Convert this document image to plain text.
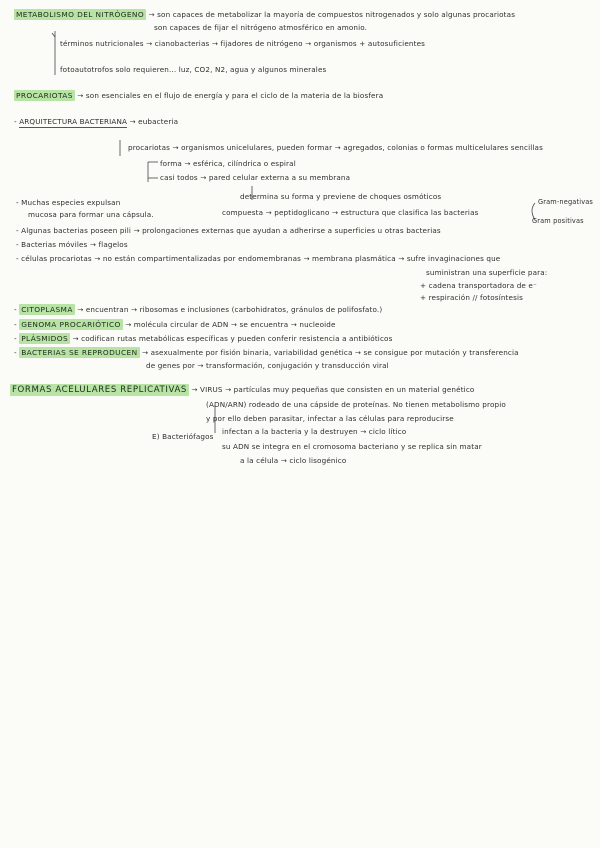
METABOLISMO DEL NITRÓGENO → son capaces de metabolizar la mayoría de compuestos nitrogenados y solo algunas procariotas
son capaces de fijar el nitrógeno atmosférico en amonio.
términos nutricionales → cianobacterias → fijadores de nitrógeno → organismos + autosuficientes
fotoautotrofos solo requieren... luz, CO2, N2, agua y algunos minerales
PROCARIOTAS → son esenciales en el flujo de energía y para el ciclo de la materia de la biosfera
- ARQUITECTURA BACTERIANA → eubacteria
procariotas → organismos unicelulares, pueden formar → agregados, colonias o formas multicelulares sencillas
forma → esférica, cilíndrica o espiral
casi todos → pared celular externa a su membrana
determina su forma y previene de choques osmóticos
compuesta → peptidoglicano → estructura que clasifica las bacterias
Gram-negativas
Gram positivas
- Muchas especies expulsan
mucosa para formar una cápsula.
- Algunas bacterias poseen pili → prolongaciones externas que ayudan a adherirse a superficies u otras bacterias
- Bacterias móviles → flagelos
- células procariotas → no están compartimentalizadas por endomembranas → membrana plasmática → sufre invaginaciones que
suministran una superficie para:
+ cadena transportadora de e⁻
+ respiración // fotosíntesis
- CITOPLASMA → encuentran → ribosomas e inclusiones (carbohidratos, gránulos de polifosfato.)
- GENOMA PROCARIÓTICO → molécula circular de ADN → se encuentra → nucleoide
- PLÁSMIDOS → codifican rutas metabólicas específicas y pueden conferir resistencia a antibióticos
- BACTERIAS SE REPRODUCEN → asexualmente por fisión binaria, variabilidad genética → se consigue por mutación y transferencia
de genes por → transformación, conjugación y transducción viral
FORMAS ACELULARES REPLICATIVAS → VIRUS → partículas muy pequeñas que consisten en un material genético
(ADN/ARN) rodeado de una cápside de proteínas. No tienen metabolismo propio
y por ello deben parasitar, infectar a las células para reproducirse
E) Bacteriófagos
infectan a la bacteria y la destruyen → ciclo lítico
su ADN se integra en el cromosoma bacteriano y se replica sin matar
a la célula → ciclo lisogénico
